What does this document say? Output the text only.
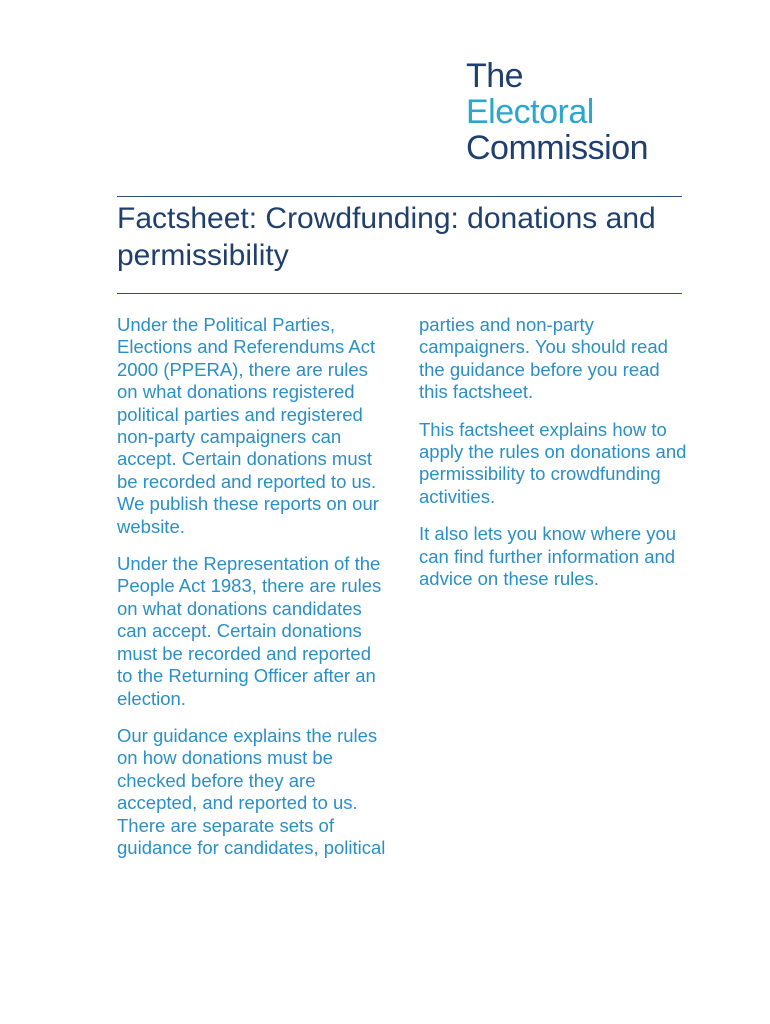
The
Electoral
Commission
Factsheet: Crowdfunding: donations and permissibility

Under the Political Parties, Elections and Referendums Act 2000 (PPERA), there are rules on what donations registered political parties and registered non-party campaigners can accept. Certain donations must be recorded and reported to us. We publish these reports on our website.

Under the Representation of the People Act 1983, there are rules on what donations candidates can accept. Certain donations must be recorded and reported to the Returning Officer after an election.

Our guidance explains the rules on how donations must be checked before they are accepted, and reported to us. There are separate sets of guidance for candidates, political

parties and non-party campaigners. You should read the guidance before you read this factsheet.

This factsheet explains how to apply the rules on donations and permissibility to crowdfunding activities.

It also lets you know where you can find further information and advice on these rules.
